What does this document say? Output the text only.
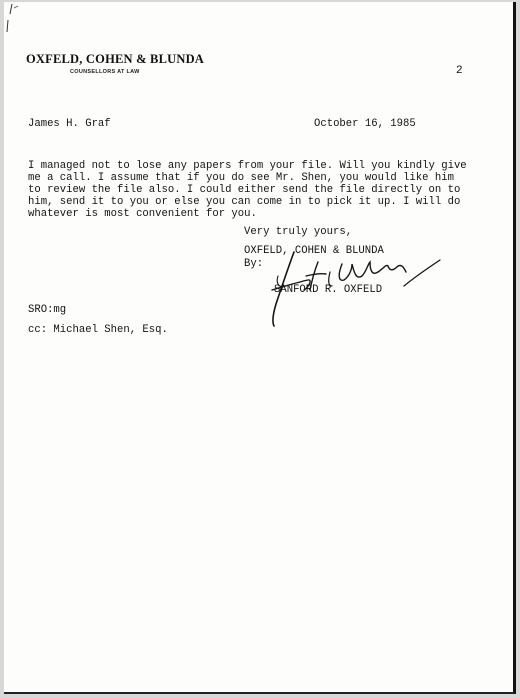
OXFELD, COHEN & BLUNDA
COUNSELLORS AT LAW	2
James H. Graf	October 16, 1985
I managed not to lose any papers from your file. Will you kindly give
me a call. I assume that if you do see Mr. Shen, you would like him
to review the file also. I could either send the file directly on to
him, send it to you or else you can come in to pick it up. I will do
whatever is most convenient for you.
Very truly yours,
OXFELD, COHEN & BLUNDA
By:
SANFORD R. OXFELD
SRO:mg
cc: Michael Shen, Esq.
